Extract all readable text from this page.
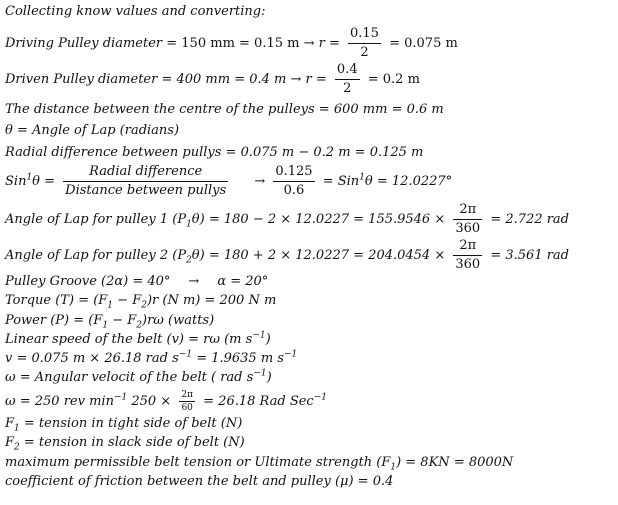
Collecting know values and converting:
Driving Pulley diameter = 150 mm = 0.15 $m \to r = \frac{0.15}{2} = 0.075$ m
Driven Pulley diameter = 400 mm = 0.4 $m \to r = \frac{0.4}{2} = 0.2$ m
The distance between the centre of the pulleys = 600 mm = 0.6 m
θ = Angle of Lap (radians)
Radial difference between pullys = 0.075 m − 0.2 m = 0.125 m
$Sin^1\theta = \frac{\text{Radial difference}}{\text{Distance between pullys}} \to \frac{0.125}{0.6} = Sin^1\theta = 12.0227^\circ$
Angle of Lap for pulley 1 $(P_1\theta) = 180 - 2 \times 12.0227 = 155.9546 \times \frac{2\pi}{360} = 2.722$ rad
Angle of Lap for pulley 2 $(P_2\theta) = 180 + 2 \times 12.0227 = 204.0454 \times \frac{2\pi}{360} = 3.561$ rad
Pulley Groove (2α) = 40° → α = 20°
Torque $(T) = (F_1 - F_2)r$ (N m) = 200 N m
Power $(P) = (F_1 - F_2)r\omega$ (watts)
Linear speed of the belt (v) = rω (m $s^{-1}$)
v = 0.075 m × 26.18 rad $s^{-1} = 1.9635$ m $s^{-1}$
ω = Angular velocit of the belt ( rad $s^{-1}$)
ω = 250 rev $\min^{-1} 250 \times \frac{2\pi}{60} = 26.18$ Rad Sec$^{-1}$
$F_1$ = tension in tight side of belt (N)
$F_2$ = tension in slack side of belt (N)
maximum permissible belt tension or Ultimate strength $(F_1) = 8KN = 8000N$
coefficient of friction between the belt and pulley (μ) = 0.4
